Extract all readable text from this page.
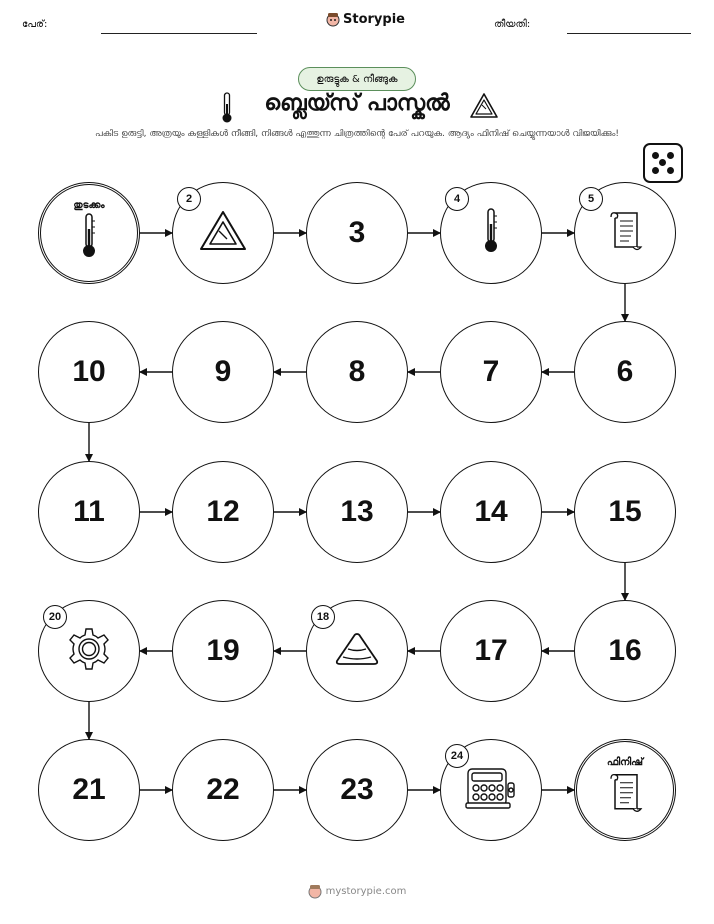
പേര്:	Storypie	തീയതി:
ഉരുട്ടുക & നീങ്ങുക
ബ്ലെയ്സ് പാസ്കൽ
പകിട ഉരുട്ടി, അത്രയും കള്ളികൾ നീങ്ങി, നിങ്ങൾ എത്തുന്ന ചിത്രത്തിന്റെ പേര് പറയുക. ആദ്യം ഫിനിഷ് ചെയ്യുന്നയാൾ വിജയിക്കും!
തുടക്കം
2
3
4	5
6
7
8
9
10
11	12	13	14	15
16
17
18
19
20
21	22	23
24
ഫിനിഷ്
mystorypie.com
